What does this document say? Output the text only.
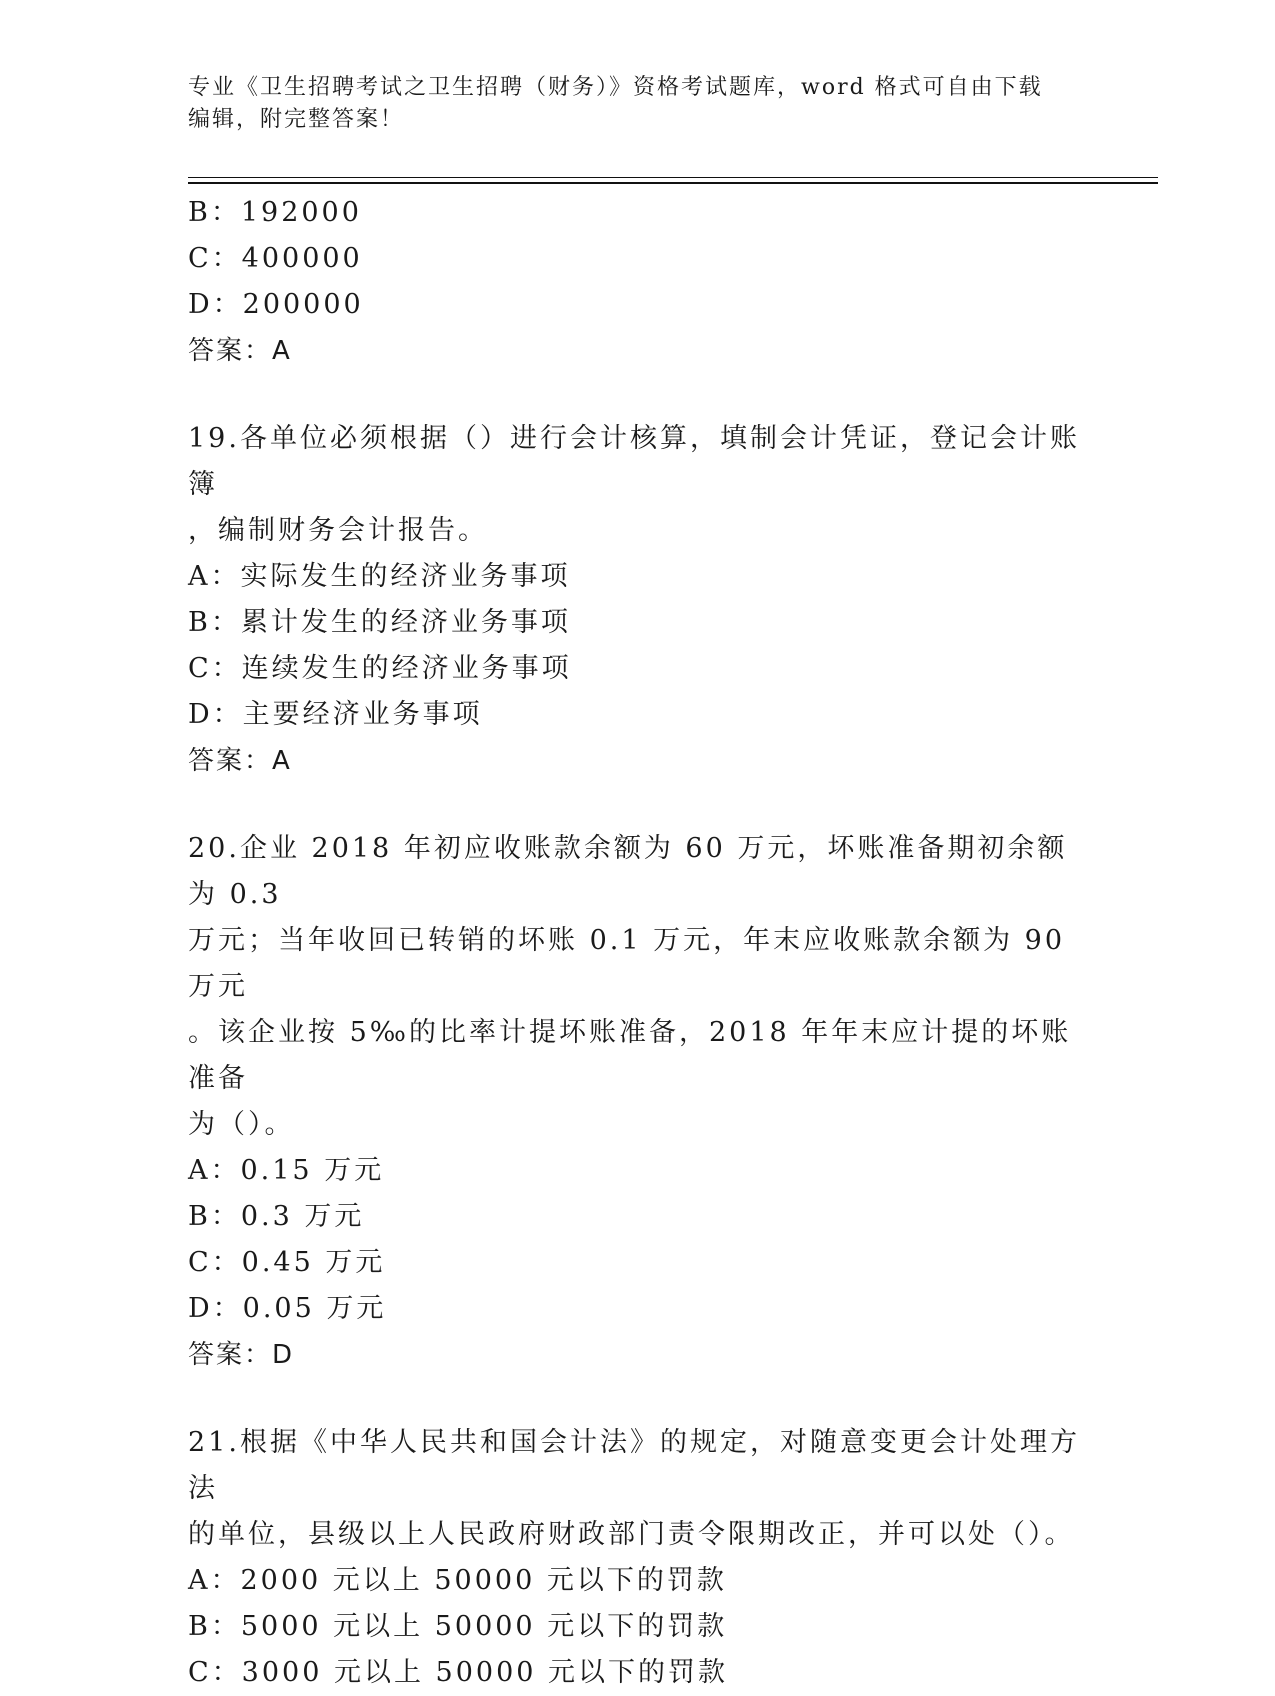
专业《卫生招聘考试之卫生招聘（财务）》资格考试题库，word 格式可自由下载
编辑，附完整答案！
B：192000
C：400000
D：200000
答案：A
19.各单位必须根据（）进行会计核算，填制会计凭证，登记会计账簿
，编制财务会计报告。
A：实际发生的经济业务事项
B：累计发生的经济业务事项
C：连续发生的经济业务事项
D：主要经济业务事项
答案：A
20.企业 2018 年初应收账款余额为 60 万元，坏账准备期初余额为 0.3
万元；当年收回已转销的坏账 0.1 万元，年末应收账款余额为 90 万元
。该企业按 5‰的比率计提坏账准备，2018 年年末应计提的坏账准备
为（）。
A：0.15 万元
B：0.3 万元
C：0.45 万元
D：0.05 万元
答案：D
21.根据《中华人民共和国会计法》的规定，对随意变更会计处理方法
的单位，县级以上人民政府财政部门责令限期改正，并可以处（）。
A：2000 元以上 50000 元以下的罚款
B：5000 元以上 50000 元以下的罚款
C：3000 元以上 50000 元以下的罚款
